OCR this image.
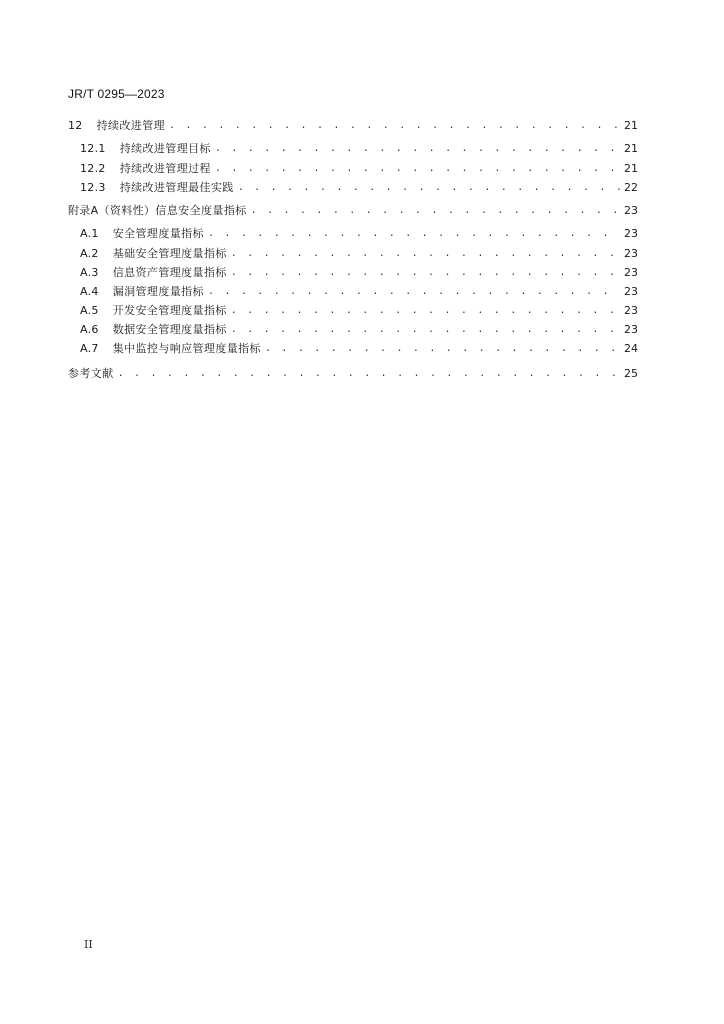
JR/T 0295—2023
12 持续改进管理 . . .	21
12.1 持续改进管理目标 . . .	21
12.2 持续改进管理过程 . . .	21
12.3 持续改进管理最佳实践 . . .	22
附录A （资料性）信息安全度量指标 . . .	23
A.1 安全管理度量指标 . . .	23
A.2 基础安全管理度量指标 . . .	23
A.3 信息资产管理度量指标 . . .	23
A.4 漏洞管理度量指标 . . .	23
A.5 开发安全管理度量指标 . . .	23
A.6 数据安全管理度量指标 . . .	23
A.7 集中监控与响应管理度量指标 . . .	24
参考文献 . . .	25
II
